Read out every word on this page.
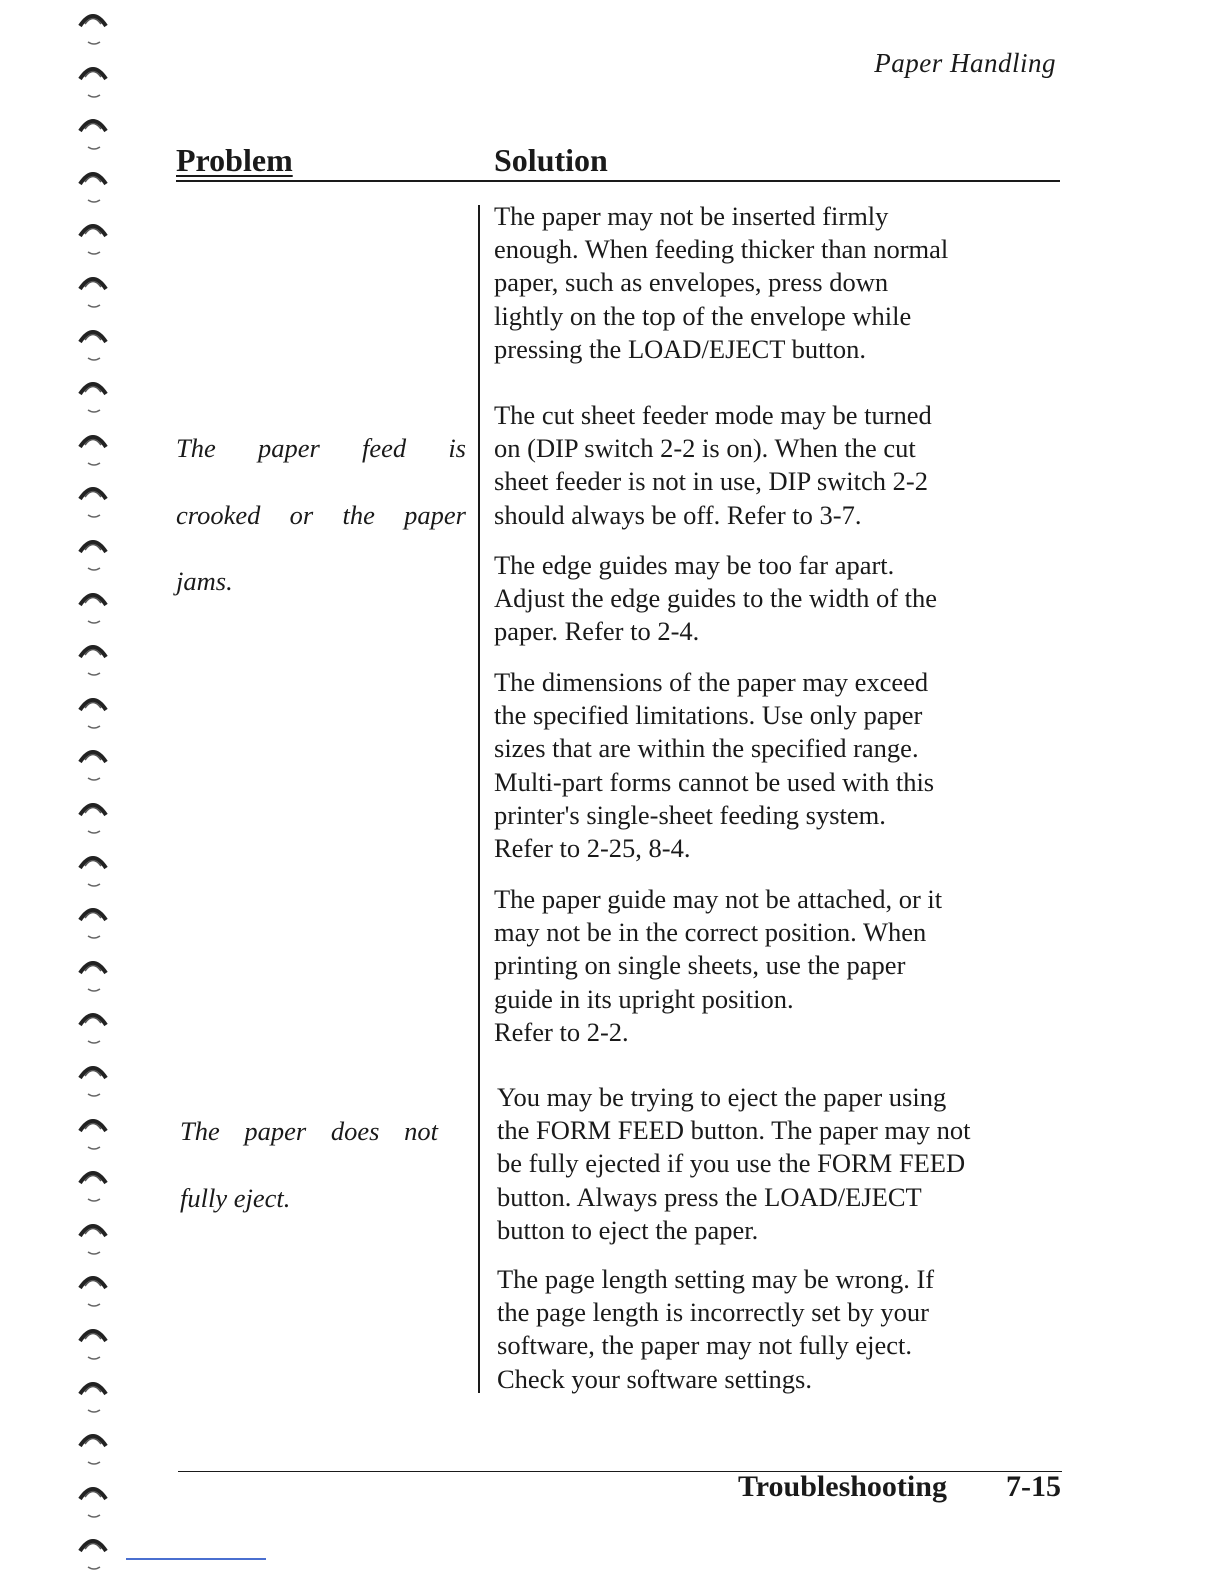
Paper Handling
Problem	Solution

The paper feed is

crooked or the paper

jams.

The paper does not

fully eject.

The paper may not be inserted firmly
enough. When feeding thicker than normal
paper, such as envelopes, press down
lightly on the top of the envelope while
pressing the LOAD/EJECT button.

The cut sheet feeder mode may be turned
on (DIP switch 2-2 is on). When the cut
sheet feeder is not in use, DIP switch 2-2
should always be off. Refer to 3-7.

The edge guides may be too far apart.
Adjust the edge guides to the width of the
paper. Refer to 2-4.

The dimensions of the paper may exceed
the specified limitations. Use only paper
sizes that are within the specified range.
Multi-part forms cannot be used with this
printer's single-sheet feeding system.
Refer to 2-25, 8-4.

The paper guide may not be attached, or it
may not be in the correct position. When
printing on single sheets, use the paper
guide in its upright position.
Refer to 2-2.

You may be trying to eject the paper using
the FORM FEED button. The paper may not
be fully ejected if you use the FORM FEED
button. Always press the LOAD/EJECT
button to eject the paper.

The page length setting may be wrong. If
the page length is incorrectly set by your
software, the paper may not fully eject.
Check your software settings.

Troubleshooting 7-15
